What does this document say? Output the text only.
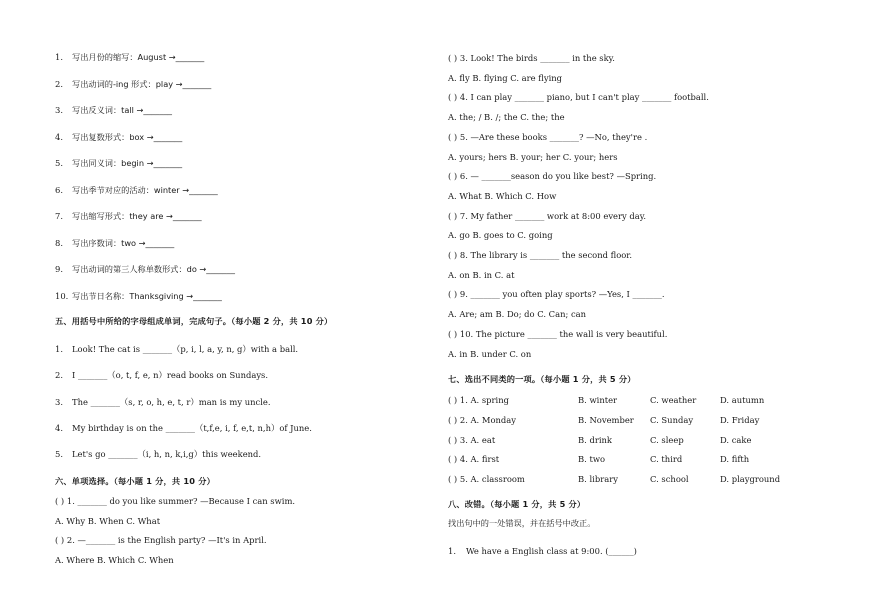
1. 写出月份的缩写：August →_______
2. 写出动词的-ing 形式：play →_______
3. 写出反义词：tall →_______
4. 写出复数形式：box →_______
5. 写出同义词：begin →_______
6. 写出季节对应的活动：winter →_______
7. 写出缩写形式：they are →_______
8. 写出序数词：two →_______
9. 写出动词的第三人称单数形式：do →_______
10. 写出节日名称：Thanksgiving →_______
五、用括号中所给的字母组成单词，完成句子。（每小题 2 分，共 10 分）
1. Look! The cat is _______（p, i, l, a, y, n, g）with a ball.
2. I _______（o, t, f, e, n）read books on Sundays.
3. The _______（s, r, o, h, e, t, r）man is my uncle.
4. My birthday is on the _______（t,f,e, i, f, e,t, n,h）of June.
5. Let's go _______（i, h, n, k,i,g）this weekend.
六、单项选择。（每小题 1 分，共 10 分）
( ) 1. _______ do you like summer? —Because I can swim.
A. Why B. When C. What
( ) 2. —_______ is the English party? —It's in April.
A. Where B. Which C. When
( ) 3. Look! The birds _______ in the sky.
A. fly B. flying C. are flying
( ) 4. I can play _______ piano, but I can't play _______ football.
A. the; / B. /; the C. the; the
( ) 5. —Are these books _______? —No, they're .
A. yours; hers B. your; her C. your; hers
( ) 6. — _______season do you like best? —Spring.
A. What B. Which C. How
( ) 7. My father _______ work at 8:00 every day.
A. go B. goes to C. going
( ) 8. The library is _______ the second floor.
A. on B. in C. at
( ) 9. _______ you often play sports? —Yes, I _______.
A. Are; am B. Do; do C. Can; can
( ) 10. The picture _______ the wall is very beautiful.
A. in B. under C. on
七、选出不同类的一项。（每小题 1 分，共 5 分）
( ) 1. A. spring	B. winter	C. weather	D. autumn
( ) 2. A. Monday	B. November C. Sunday	D. Friday
( ) 3. A. eat	B. drink	C. sleep	D. cake
( ) 4. A. first	B. two	C. third	D. fifth
( ) 5. A. classroom	B. library	C. school	D. playground
八、改错。（每小题 1 分，共 5 分）
找出句中的一处错误，并在括号中改正。
1. We have a English class at 9:00. (______)
